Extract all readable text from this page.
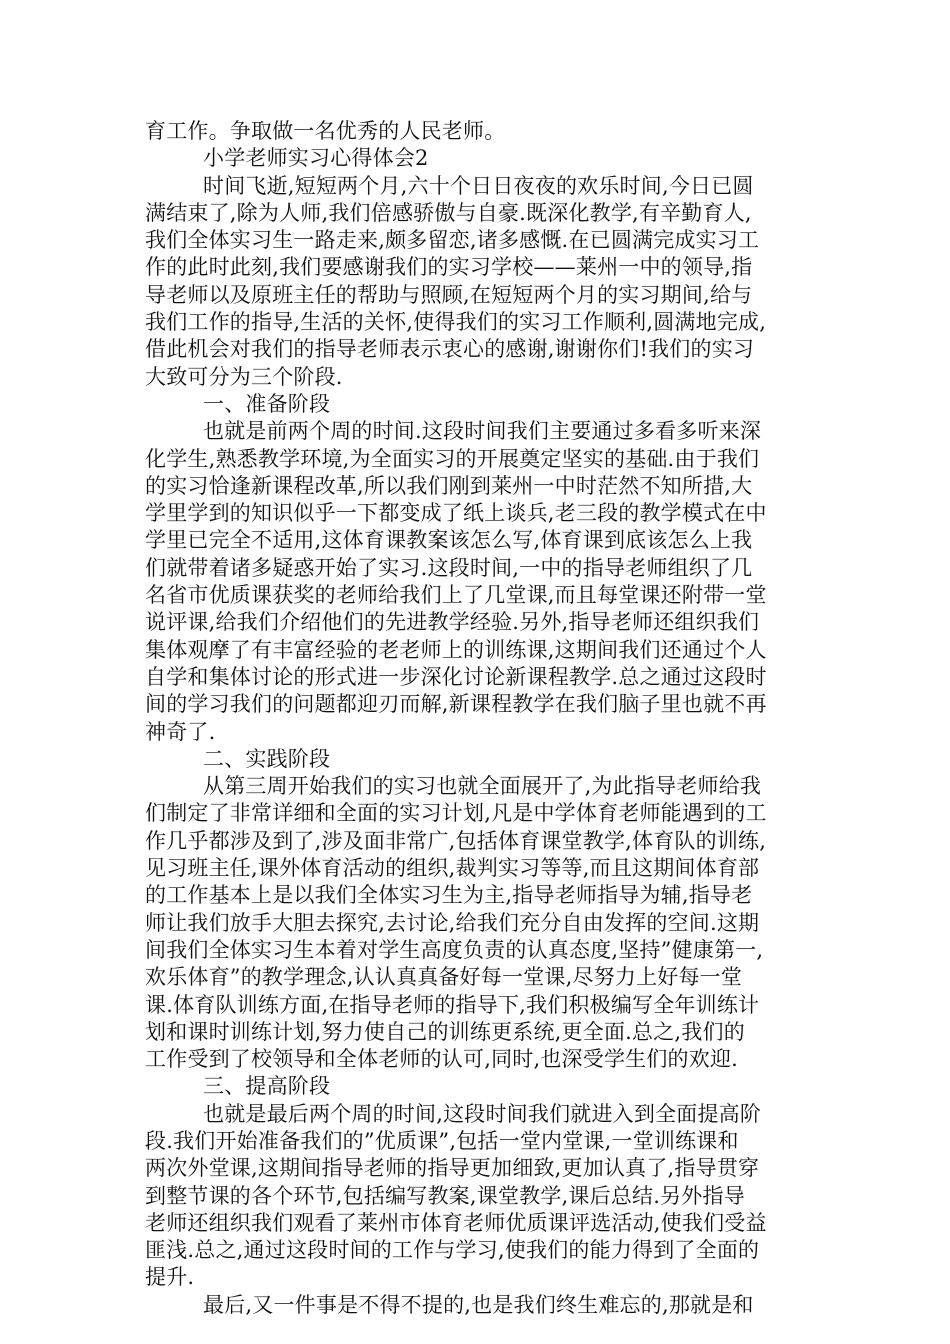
育工作。争取做一名优秀的人民老师。

小学老师实习心得体会2

时间飞逝,短短两个月,六十个日日夜夜的欢乐时间,今日已圆

满结束了,除为人师,我们倍感骄傲与自豪.既深化教学,有辛勤育人,

我们全体实习生一路走来,颇多留恋,诸多感慨.在已圆满完成实习工

作的此时此刻,我们要感谢我们的实习学校——莱州一中的领导,指

导老师以及原班主任的帮助与照顾,在短短两个月的实习期间,给与

我们工作的指导,生活的关怀,使得我们的实习工作顺利,圆满地完成,

借此机会对我们的指导老师表示衷心的感谢,谢谢你们!我们的实习

大致可分为三个阶段.

一、准备阶段

也就是前两个周的时间.这段时间我们主要通过多看多听来深

化学生,熟悉教学环境,为全面实习的开展奠定坚实的基础.由于我们

的实习恰逢新课程改革,所以我们刚到莱州一中时茫然不知所措,大

学里学到的知识似乎一下都变成了纸上谈兵,老三段的教学模式在中

学里已完全不适用,这体育课教案该怎么写,体育课到底该怎么上我

们就带着诸多疑惑开始了实习.这段时间,一中的指导老师组织了几

名省市优质课获奖的老师给我们上了几堂课,而且每堂课还附带一堂

说评课,给我们介绍他们的先进教学经验.另外,指导老师还组织我们

集体观摩了有丰富经验的老老师上的训练课,这期间我们还通过个人

自学和集体讨论的形式进一步深化讨论新课程教学.总之通过这段时

间的学习我们的问题都迎刃而解,新课程教学在我们脑子里也就不再

神奇了.

二、实践阶段

从第三周开始我们的实习也就全面展开了,为此指导老师给我

们制定了非常详细和全面的实习计划,凡是中学体育老师能遇到的工

作几乎都涉及到了,涉及面非常广,包括体育课堂教学,体育队的训练,

见习班主任,课外体育活动的组织,裁判实习等等,而且这期间体育部

的工作基本上是以我们全体实习生为主,指导老师指导为辅,指导老

师让我们放手大胆去探究,去讨论,给我们充分自由发挥的空间.这期

间我们全体实习生本着对学生高度负责的认真态度,坚持”健康第一,

欢乐体育”的教学理念,认认真真备好每一堂课,尽努力上好每一堂

课.体育队训练方面,在指导老师的指导下,我们积极编写全年训练计

划和课时训练计划,努力使自己的训练更系统,更全面.总之,我们的

工作受到了校领导和全体老师的认可,同时,也深受学生们的欢迎.

三、提高阶段

也就是最后两个周的时间,这段时间我们就进入到全面提高阶

段.我们开始准备我们的”优质课”,包括一堂内堂课,一堂训练课和

两次外堂课,这期间指导老师的指导更加细致,更加认真了,指导贯穿

到整节课的各个环节,包括编写教案,课堂教学,课后总结.另外指导

老师还组织我们观看了莱州市体育老师优质课评选活动,使我们受益

匪浅.总之,通过这段时间的工作与学习,使我们的能力得到了全面的

提升.

最后,又一件事是不得不提的,也是我们终生难忘的,那就是和
